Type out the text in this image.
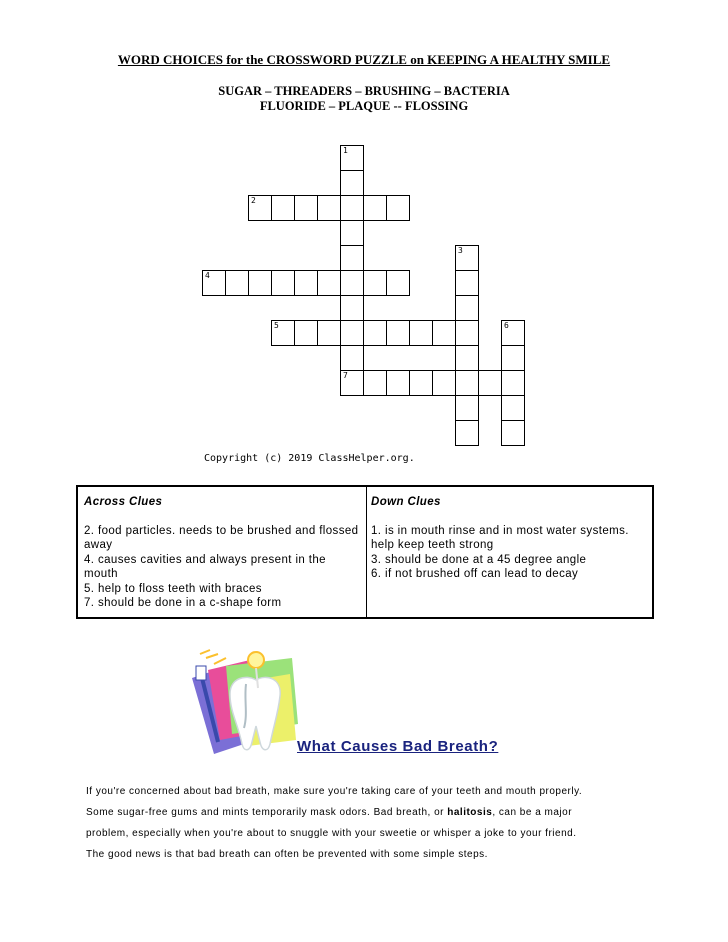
WORD CHOICES for the CROSSWORD PUZZLE on KEEPING A HEALTHY SMILE
SUGAR – THREADERS – BRUSHING – BACTERIA
FLUORIDE – PLAQUE -- FLOSSING
1
7
2
3
4
5	6
Copyright (c) 2019 ClassHelper.org.
Across Clues
2. food particles. needs to be brushed and flossed away
4. causes cavities and always present in the mouth
5. help to floss teeth with braces
7. should be done in a c-shape form
Down Clues
1. is in mouth rinse and in most water systems. help keep teeth strong
3. should be done at a 45 degree angle
6. if not brushed off can lead to decay
What Causes Bad Breath?
If you're concerned about bad breath, make sure you're taking care of your teeth and mouth properly.
Some sugar-free gums and mints temporarily mask odors. Bad breath, or halitosis, can be a major
problem, especially when you're about to snuggle with your sweetie or whisper a joke to your friend.
The good news is that bad breath can often be prevented with some simple steps.
